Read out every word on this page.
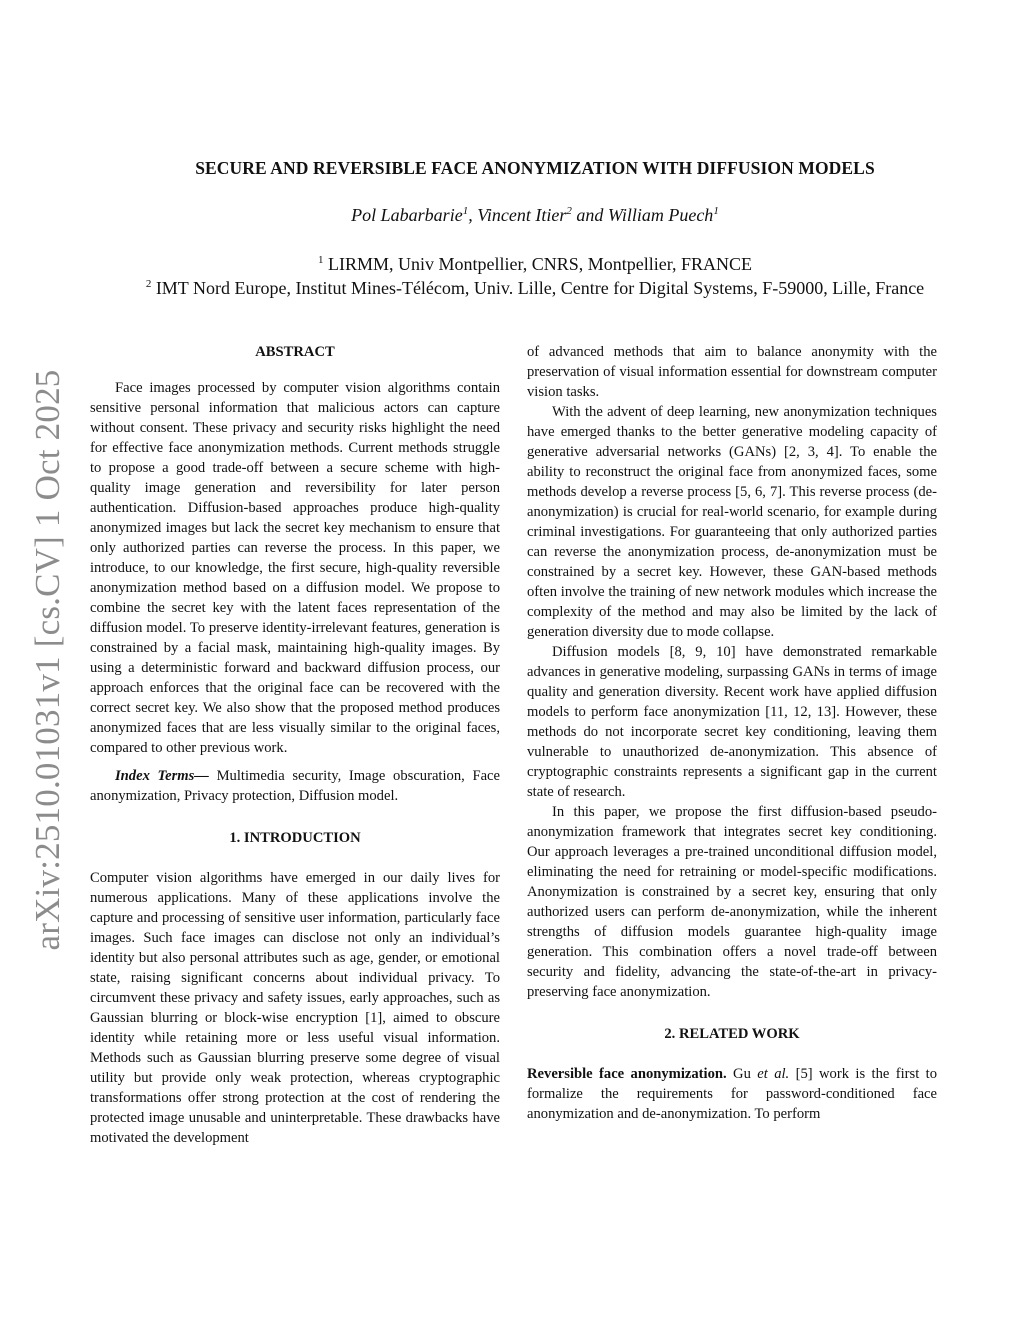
arXiv:2510.01031v1 [cs.CV] 1 Oct 2025
SECURE AND REVERSIBLE FACE ANONYMIZATION WITH DIFFUSION MODELS
Pol Labarbarie$^1$, Vincent Itier$^2$ and William Puech$^1$
$^1$ LIRMM, Univ Montpellier, CNRS, Montpellier, FRANCE
$^2$ IMT Nord Europe, Institut Mines-Télécom, Univ. Lille, Centre for Digital Systems, F-59000, Lille, France
ABSTRACT

Face images processed by computer vision algorithms contain sensitive personal information that malicious actors can capture without consent. These privacy and security risks highlight the need for effective face anonymization methods. Current methods struggle to propose a good trade-off between a secure scheme with high-quality image generation and reversibility for later person authentication. Diffusion-based approaches produce high-quality anonymized images but lack the secret key mechanism to ensure that only authorized parties can reverse the process. In this paper, we introduce, to our knowledge, the first secure, high-quality reversible anonymization method based on a diffusion model. We propose to combine the secret key with the latent faces representation of the diffusion model. To preserve identity-irrelevant features, generation is constrained by a facial mask, maintaining high-quality images. By using a deterministic forward and backward diffusion process, our approach enforces that the original face can be recovered with the correct secret key. We also show that the proposed method produces anonymized faces that are less visually similar to the original faces, compared to other previous work.

Index Terms— Multimedia security, Image obscuration, Face anonymization, Privacy protection, Diffusion model.

1. INTRODUCTION

Computer vision algorithms have emerged in our daily lives for numerous applications. Many of these applications involve the capture and processing of sensitive user information, particularly face images. Such face images can disclose not only an individual’s identity but also personal attributes such as age, gender, or emotional state, raising significant concerns about individual privacy. To circumvent these privacy and safety issues, early approaches, such as Gaussian blurring or block-wise encryption [1], aimed to obscure identity while retaining more or less useful visual information. Methods such as Gaussian blurring preserve some degree of visual utility but provide only weak protection, whereas cryptographic transformations offer strong protection at the cost of rendering the protected image unusable and uninterpretable. These drawbacks have motivated the development

of advanced methods that aim to balance anonymity with the preservation of visual information essential for downstream computer vision tasks.

With the advent of deep learning, new anonymization techniques have emerged thanks to the better generative modeling capacity of generative adversarial networks (GANs) [2, 3, 4]. To enable the ability to reconstruct the original face from anonymized faces, some methods develop a reverse process [5, 6, 7]. This reverse process (de-anonymization) is crucial for real-world scenario, for example during criminal investigations. For guaranteeing that only authorized parties can reverse the anonymization process, de-anonymization must be constrained by a secret key. However, these GAN-based methods often involve the training of new network modules which increase the complexity of the method and may also be limited by the lack of generation diversity due to mode collapse.

Diffusion models [8, 9, 10] have demonstrated remarkable advances in generative modeling, surpassing GANs in terms of image quality and generation diversity. Recent work have applied diffusion models to perform face anonymization [11, 12, 13]. However, these methods do not incorporate secret key conditioning, leaving them vulnerable to unauthorized de-anonymization. This absence of cryptographic constraints represents a significant gap in the current state of research.

In this paper, we propose the first diffusion-based pseudo-anonymization framework that integrates secret key conditioning. Our approach leverages a pre-trained unconditional diffusion model, eliminating the need for retraining or model-specific modifications. Anonymization is constrained by a secret key, ensuring that only authorized users can perform de-anonymization, while the inherent strengths of diffusion models guarantee high-quality image generation. This combination offers a novel trade-off between security and fidelity, advancing the state-of-the-art in privacy-preserving face anonymization.

2. RELATED WORK

Reversible face anonymization. Gu et al. [5] work is the first to formalize the requirements for password-conditioned face anonymization and de-anonymization. To perform
